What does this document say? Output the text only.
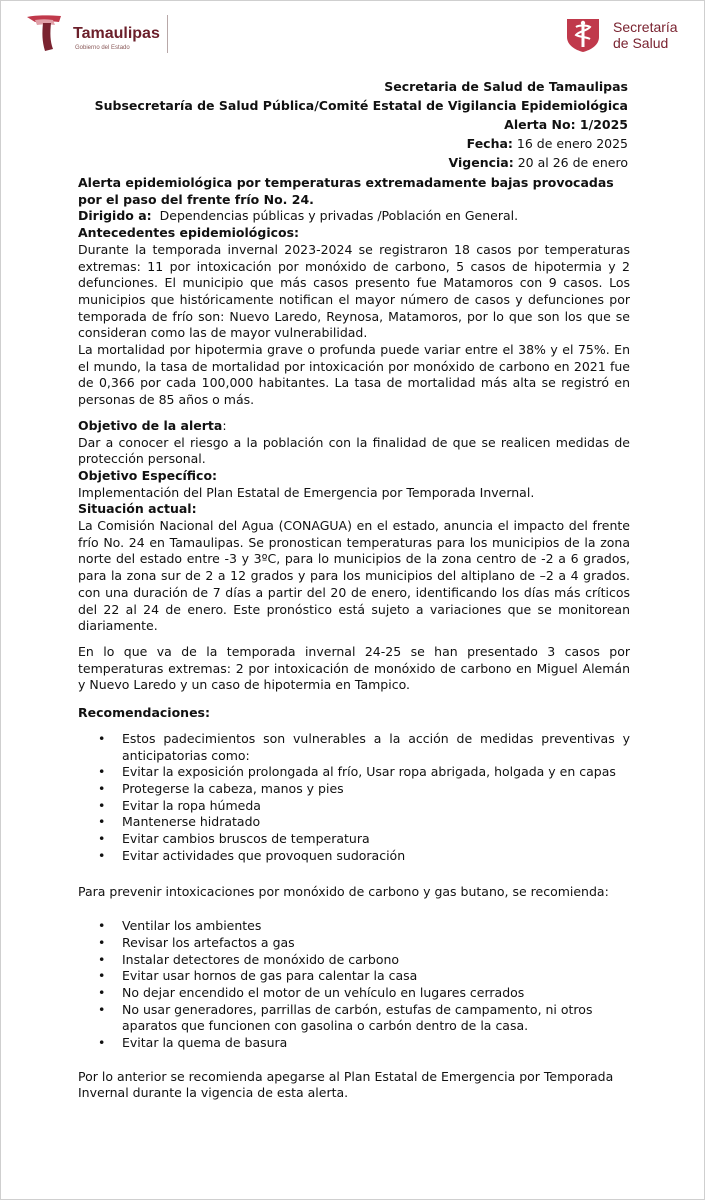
Tamaulipas
Gobierno del Estado
Secretaría
de Salud
Secretaria de Salud de Tamaulipas
Subsecretaría de Salud Pública/Comité Estatal de Vigilancia Epidemiológica
Alerta No: 1/2025
Fecha: 16 de enero 2025
Vigencia: 20 al 26 de enero

Alerta epidemiológica por temperaturas extremadamente bajas provocadas por el paso del frente frío No. 24.

Dirigido a: Dependencias públicas y privadas /Población en General.

Antecedentes epidemiológicos:

Durante la temporada invernal 2023-2024 se registraron 18 casos por temperaturas extremas: 11 por intoxicación por monóxido de carbono, 5 casos de hipotermia y 2 defunciones. El municipio que más casos presento fue Matamoros con 9 casos. Los municipios que históricamente notifican el mayor número de casos y defunciones por temporada de frío son: Nuevo Laredo, Reynosa, Matamoros, por lo que son los que se consideran como las de mayor vulnerabilidad.

La mortalidad por hipotermia grave o profunda puede variar entre el 38% y el 75%. En el mundo, la tasa de mortalidad por intoxicación por monóxido de carbono en 2021 fue de 0,366 por cada 100,000 habitantes. La tasa de mortalidad más alta se registró en personas de 85 años o más.

Objetivo de la alerta:

Dar a conocer el riesgo a la población con la finalidad de que se realicen medidas de protección personal.

Objetivo Específico:

Implementación del Plan Estatal de Emergencia por Temporada Invernal.

Situación actual:

La Comisión Nacional del Agua (CONAGUA) en el estado, anuncia el impacto del frente frío No. 24 en Tamaulipas. Se pronostican temperaturas para los municipios de la zona norte del estado entre -3 y 3ºC, para lo municipios de la zona centro de -2 a 6 grados, para la zona sur de 2 a 12 grados y para los municipios del altiplano de –2 a 4 grados. con una duración de 7 días a partir del 20 de enero, identificando los días más críticos del 22 al 24 de enero. Este pronóstico está sujeto a variaciones que se monitorean diariamente.

En lo que va de la temporada invernal 24-25 se han presentado 3 casos por temperaturas extremas: 2 por intoxicación de monóxido de carbono en Miguel Alemán y Nuevo Laredo y un caso de hipotermia en Tampico.

Recomendaciones:

• Estos padecimientos son vulnerables a la acción de medidas preventivas y anticipatorias como:
• Evitar la exposición prolongada al frío, Usar ropa abrigada, holgada y en capas
• Protegerse la cabeza, manos y pies
• Evitar la ropa húmeda
• Mantenerse hidratado
• Evitar cambios bruscos de temperatura
• Evitar actividades que provoquen sudoración

Para prevenir intoxicaciones por monóxido de carbono y gas butano, se recomienda:

• Ventilar los ambientes
• Revisar los artefactos a gas
• Instalar detectores de monóxido de carbono
• Evitar usar hornos de gas para calentar la casa
• No dejar encendido el motor de un vehículo en lugares cerrados
• No usar generadores, parrillas de carbón, estufas de campamento, ni otros aparatos que funcionen con gasolina o carbón dentro de la casa.
• Evitar la quema de basura

Por lo anterior se recomienda apegarse al Plan Estatal de Emergencia por Temporada Invernal durante la vigencia de esta alerta.
